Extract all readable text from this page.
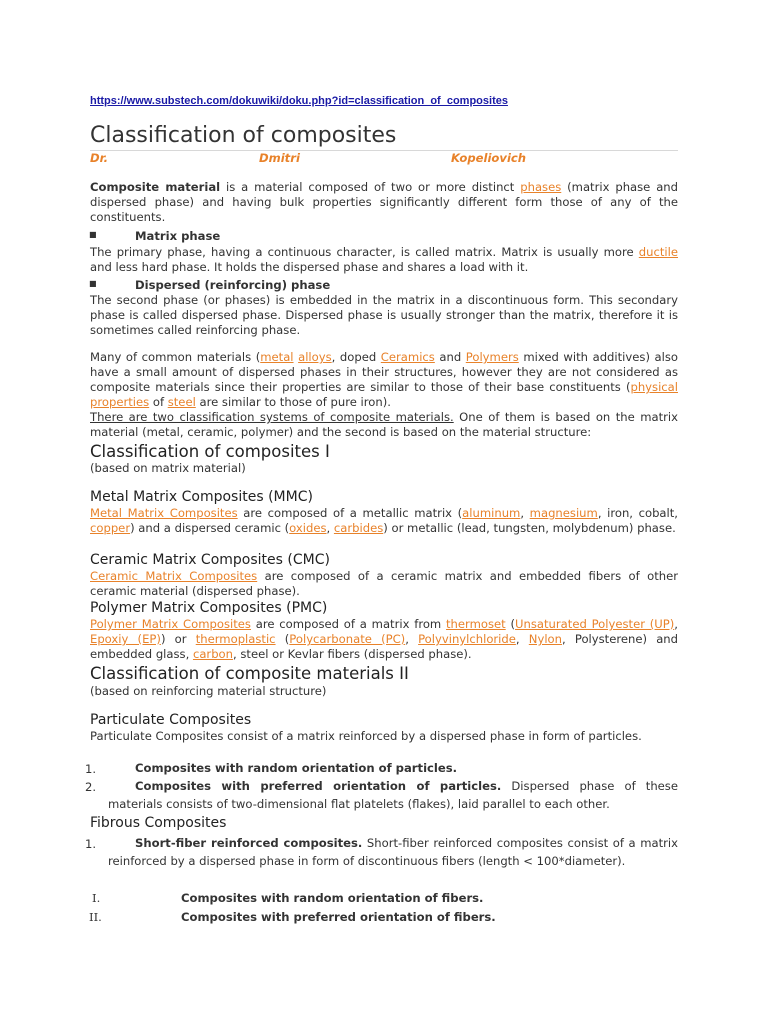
https://www.substech.com/dokuwiki/doku.php?id=classification_of_composites
Classification of composites
Dr.	Dmitri	Kopeliovich

Composite material is a material composed of two or more distinct phases (matrix phase and dispersed phase) and having bulk properties significantly different form those of any of the constituents.

■	Matrix phase

The primary phase, having a continuous character, is called matrix. Matrix is usually more ductile and less hard phase. It holds the dispersed phase and shares a load with it.

■	Dispersed (reinforcing) phase

The second phase (or phases) is embedded in the matrix in a discontinuous form. This secondary phase is called dispersed phase. Dispersed phase is usually stronger than the matrix, therefore it is sometimes called reinforcing phase.

Many of common materials (metal alloys, doped Ceramics and Polymers mixed with additives) also have a small amount of dispersed phases in their structures, however they are not considered as composite materials since their properties are similar to those of their base constituents (physical properties of steel are similar to those of pure iron).

There are two classification systems of composite materials. One of them is based on the matrix material (metal, ceramic, polymer) and the second is based on the material structure:

Classification of composites I
(based on matrix material)
Metal Matrix Composites (MMC)

Metal Matrix Composites are composed of a metallic matrix (aluminum, magnesium, iron, cobalt, copper) and a dispersed ceramic (oxides, carbides) or metallic (lead, tungsten, molybdenum) phase.

Ceramic Matrix Composites (CMC)

Ceramic Matrix Composites are composed of a ceramic matrix and embedded fibers of other ceramic material (dispersed phase).

Polymer Matrix Composites (PMC)

Polymer Matrix Composites are composed of a matrix from thermoset (Unsaturated Polyester (UP), Epoxiy (EP)) or thermoplastic (Polycarbonate (PC), Polyvinylchloride, Nylon, Polysterene) and embedded glass, carbon, steel or Kevlar fibers (dispersed phase).

Classification of composite materials II
(based on reinforcing material structure)
Particulate Composites

Particulate Composites consist of a matrix reinforced by a dispersed phase in form of particles.

1.	Composites with random orientation of particles.

2.	Composites with preferred orientation of particles. Dispersed phase of these materials consists of two-dimensional flat platelets (flakes), laid parallel to each other.

Fibrous Composites
1.	Short-fiber reinforced composites. Short-fiber reinforced composites consist of a matrix reinforced by a dispersed phase in form of discontinuous fibers (length < 100*diameter).

I.	Composites with random orientation of fibers.
II.	Composites with preferred orientation of fibers.
